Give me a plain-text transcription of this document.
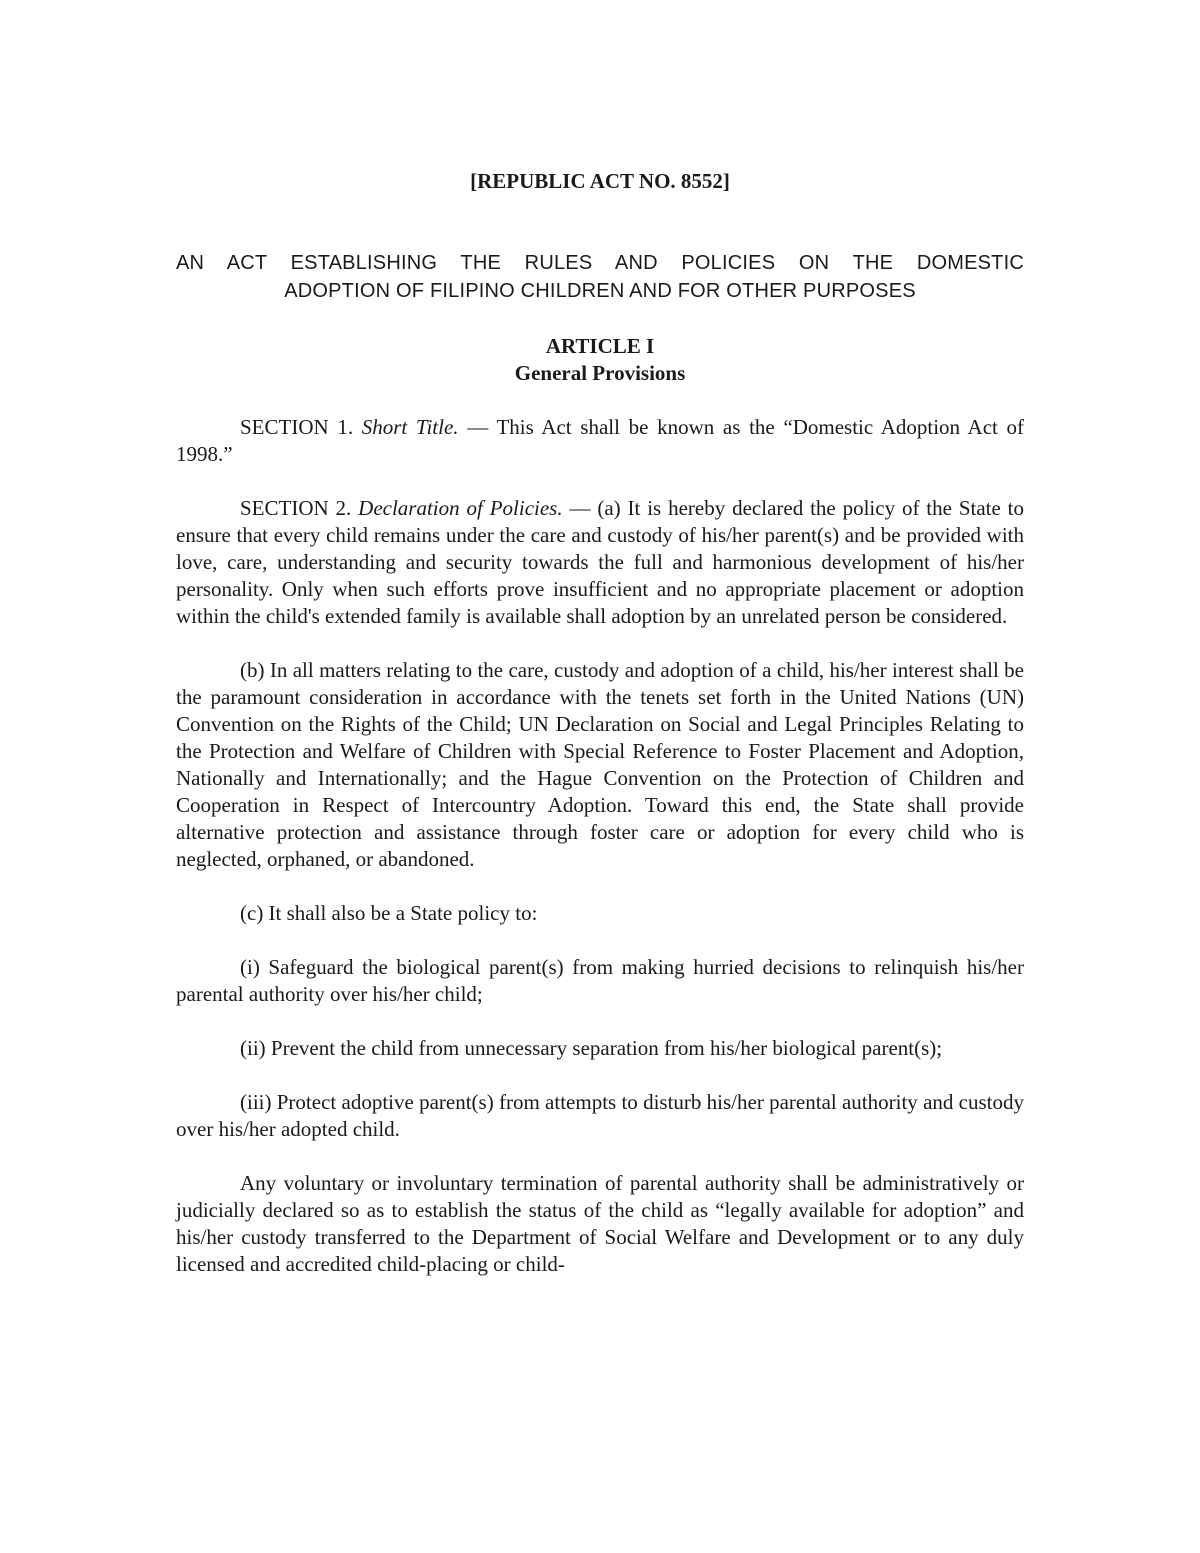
[REPUBLIC ACT NO. 8552]
AN ACT ESTABLISHING THE RULES AND POLICIES ON THE DOMESTIC
ADOPTION OF FILIPINO CHILDREN AND FOR OTHER PURPOSES
ARTICLE I
General Provisions

SECTION 1. Short Title. — This Act shall be known as the “Domestic Adoption Act of 1998.”

SECTION 2. Declaration of Policies. — (a) It is hereby declared the policy of the State to ensure that every child remains under the care and custody of his/her parent(s) and be provided with love, care, understanding and security towards the full and harmonious development of his/her personality. Only when such efforts prove insufficient and no appropriate placement or adoption within the child's extended family is available shall adoption by an unrelated person be considered.

(b) In all matters relating to the care, custody and adoption of a child, his/her interest shall be the paramount consideration in accordance with the tenets set forth in the United Nations (UN) Convention on the Rights of the Child; UN Declaration on Social and Legal Principles Relating to the Protection and Welfare of Children with Special Reference to Foster Placement and Adoption, Nationally and Internationally; and the Hague Convention on the Protection of Children and Cooperation in Respect of Intercountry Adoption. Toward this end, the State shall provide alternative protection and assistance through foster care or adoption for every child who is neglected, orphaned, or abandoned.

(c) It shall also be a State policy to:

(i) Safeguard the biological parent(s) from making hurried decisions to relinquish his/her parental authority over his/her child;

(ii) Prevent the child from unnecessary separation from his/her biological parent(s);

(iii) Protect adoptive parent(s) from attempts to disturb his/her parental authority and custody over his/her adopted child.

Any voluntary or involuntary termination of parental authority shall be administratively or judicially declared so as to establish the status of the child as “legally available for adoption” and his/her custody transferred to the Department of Social Welfare and Development or to any duly licensed and accredited child-placing or child-
